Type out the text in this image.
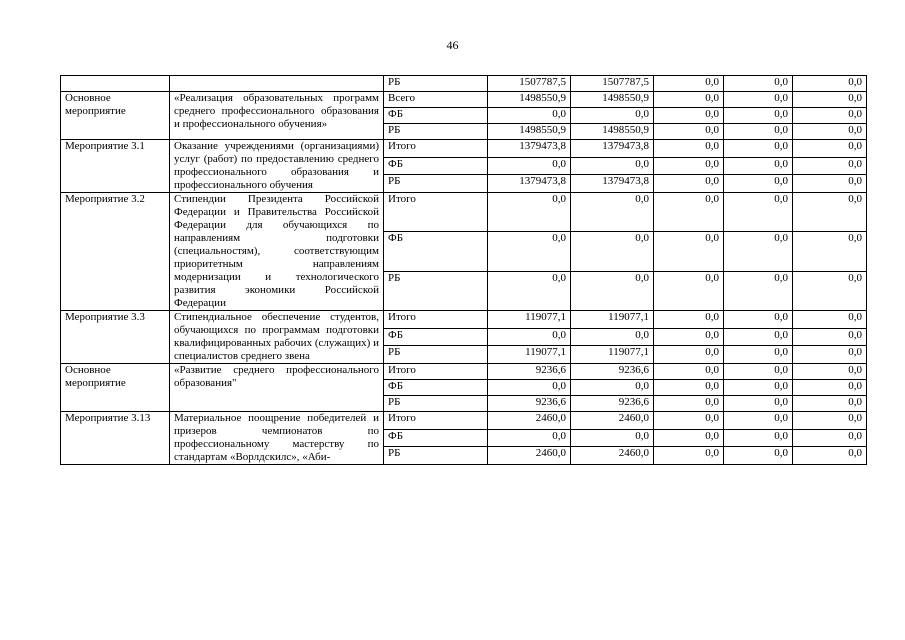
46
		РБ	1507787,5	1507787,5	0,0	0,0	0,0
Основное мероприятие	«Реализация образовательных программ среднего профессионального образования и профессионального обучения»	Всего	1498550,9	1498550,9	0,0	0,0	0,0
		ФБ	0,0	0,0	0,0	0,0	0,0
		РБ	1498550,9	1498550,9	0,0	0,0	0,0
Мероприятие 3.1	Оказание учреждениями (организациями) услуг (работ) по предоставлению среднего профессионального образования и профессионального обучения	Итого	1379473,8	1379473,8	0,0	0,0	0,0
		ФБ	0,0	0,0	0,0	0,0	0,0
		РБ	1379473,8	1379473,8	0,0	0,0	0,0
Мероприятие 3.2	Стипендии Президента Российской Федерации и Правительства Российской Федерации для обучающихся по направлениям подготовки (специальностям), соответствующим приоритетным направлениям модернизации и технологического развития экономики Российской Федерации	Итого	0,0	0,0	0,0	0,0	0,0
		ФБ	0,0	0,0	0,0	0,0	0,0
		РБ	0,0	0,0	0,0	0,0	0,0
Мероприятие 3.3	Стипендиальное обеспечение студентов, обучающихся по программам подготовки квалифицированных рабочих (служащих) и специалистов среднего звена	Итого	119077,1	119077,1	0,0	0,0	0,0
		ФБ	0,0	0,0	0,0	0,0	0,0
		РБ	119077,1	119077,1	0,0	0,0	0,0
Основное мероприятие	«Развитие среднего профессионального образования"	Итого	9236,6	9236,6	0,0	0,0	0,0
		ФБ	0,0	0,0	0,0	0,0	0,0
		РБ	9236,6	9236,6	0,0	0,0	0,0
Мероприятие 3.13	Материальное поощрение победителей и призеров чемпионатов по профессиональному мастерству по стандартам «Ворлдскилс», «Аби-	Итого	2460,0	2460,0	0,0	0,0	0,0
		ФБ	0,0	0,0	0,0	0,0	0,0
		РБ	2460,0	2460,0	0,0	0,0	0,0
